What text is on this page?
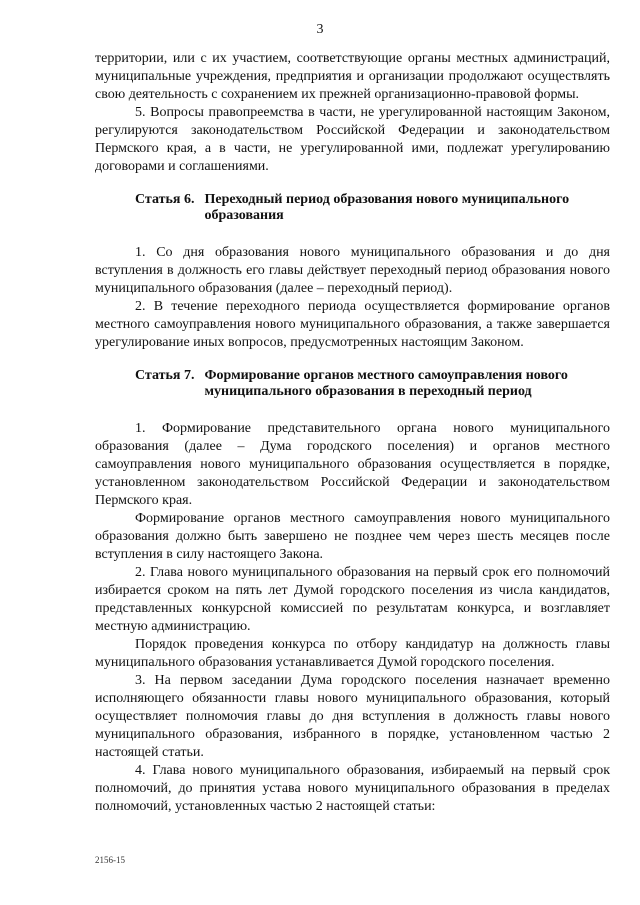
3

территории, или с их участием, соответствующие органы местных администраций, муниципальные учреждения, предприятия и организации продолжают осуществлять свою деятельность с сохранением их прежней организационно-правовой формы.

5. Вопросы правопреемства в части, не урегулированной настоящим Законом, регулируются законодательством Российской Федерации и законодательством Пермского края, а в части, не урегулированной ими, подлежат урегулированию договорами и соглашениями.

Статья 6. Переходный период образования нового муниципального образования

1. Со дня образования нового муниципального образования и до дня вступления в должность его главы действует переходный период образования нового муниципального образования (далее – переходный период).

2. В течение переходного периода осуществляется формирование органов местного самоуправления нового муниципального образования, а также завершается урегулирование иных вопросов, предусмотренных настоящим Законом.

Статья 7. Формирование органов местного самоуправления нового муниципального образования в переходный период

1. Формирование представительного органа нового муниципального образования (далее – Дума городского поселения) и органов местного самоуправления нового муниципального образования осуществляется в порядке, установленном законодательством Российской Федерации и законодательством Пермского края.

Формирование органов местного самоуправления нового муниципального образования должно быть завершено не позднее чем через шесть месяцев после вступления в силу настоящего Закона.

2. Глава нового муниципального образования на первый срок его полномочий избирается сроком на пять лет Думой городского поселения из числа кандидатов, представленных конкурсной комиссией по результатам конкурса, и возглавляет местную администрацию.

Порядок проведения конкурса по отбору кандидатур на должность главы муниципального образования устанавливается Думой городского поселения.

3. На первом заседании Дума городского поселения назначает временно исполняющего обязанности главы нового муниципального образования, который осуществляет полномочия главы до дня вступления в должность главы нового муниципального образования, избранного в порядке, установленном частью 2 настоящей статьи.

4. Глава нового муниципального образования, избираемый на первый срок полномочий, до принятия устава нового муниципального образования в пределах полномочий, установленных частью 2 настоящей статьи:

2156-15
